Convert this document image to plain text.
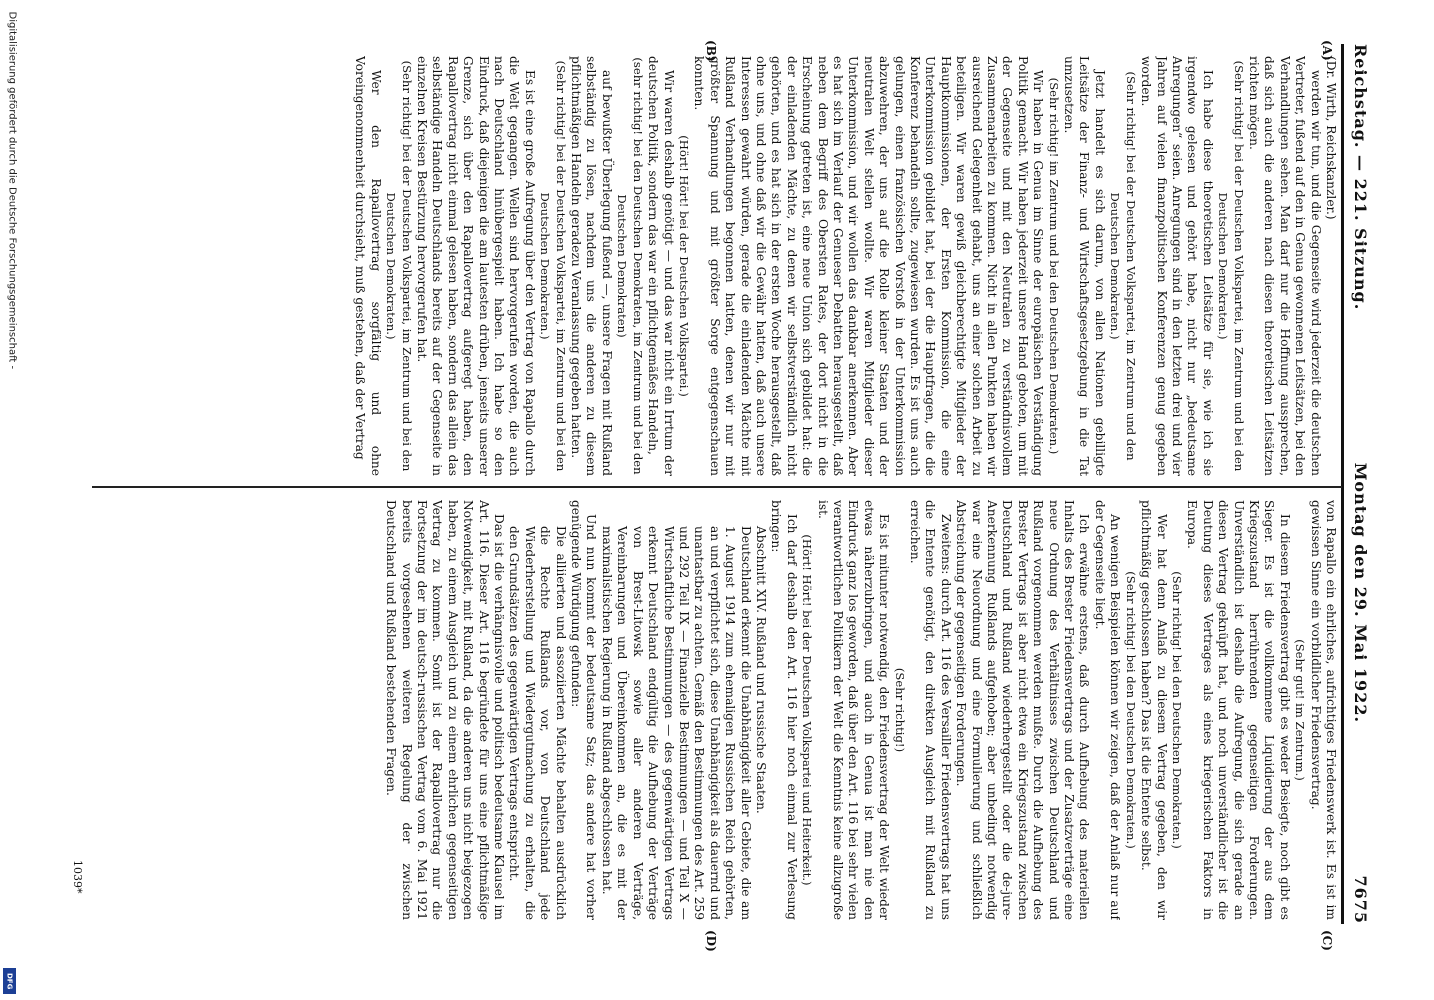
Reichstag. — 221. Sitzung.
Montag den 29. Mai 1922.
7675
(A)
(B)
(C)
(D)

(Dr. Wirth, Reichskanzler.)

werden wir tun, und die Gegenseite wird jederzeit die deutschen Vertreter, fußend auf den in Genua gewonnenen Leitsätzen, bei den Verhandlungen sehen. Man darf nur die Hoffnung aussprechen, daß sich auch die anderen nach diesen theoretischen Leitsätzen richten mögen.

(Sehr richtig! bei der Deutschen Volkspartei, im Zentrum und bei den Deutschen Demokraten.)

Ich habe diese theoretischen Leitsätze für sie, wie ich sie irgendwo gelesen und gehört habe, nicht nur „bedeutsame Anregungen“ seien. Anregungen sind in den letzten drei und vier Jahren auf vielen finanzpolitischen Konferenzen genug gegeben worden.

(Sehr richtig! bei der Deutschen Volkspartei, im Zentrum und den Deutschen Demokraten.)

Jetzt handelt es sich darum, von allen Nationen gebilligte Leitsätze der Finanz- und Wirtschaftsgesetzgebung in die Tat umzusetzen.

(Sehr richtig! im Zentrum und bei den Deutschen Demokraten.)

Wir haben in Genua im Sinne der europäischen Verständigung Politik gemacht. Wir haben jederzeit unsere Hand geboten, um mit der Gegenseite und mit den Neutralen zu verständnisvollem Zusammenarbeiten zu kommen. Nicht in allen Punkten haben wir ausreichend Gelegenheit gehabt, uns an einer solchen Arbeit zu beteiligen. Wir waren gewiß gleichberechtigte Mitglieder der Hauptkommissionen, der Ersten Kommission, die eine Unterkommission gebildet hat, bei der die Hauptfragen, die die Konferenz behandeln sollte, zugewiesen wurden. Es ist uns auch gelungen, einen französischen Vorstoß in der Unterkommission abzuwehren, der uns auf die Rolle kleiner Staaten und der neutralen Welt stellen wollte. Wir waren Mitglieder dieser Unterkommission, und wir wollen das dankbar anerkennen. Aber es hat sich im Verlauf der Genueser Debatten herausgestellt, daß neben dem Begriff des Obersten Rates, der dort nicht in die Erscheinung getreten ist, eine neue Union sich gebildet hat: die der einladenden Mächte, zu denen wir selbstverständlich nicht gehörten, und es hat sich in der ersten Woche herausgestellt, daß ohne uns, und ohne daß wir die Gewähr hatten, daß auch unsere Interessen gewahrt würden, gerade die einladenden Mächte mit Rußland Verhandlungen begonnen hatten, denen wir nur mit größter Spannung und mit größter Sorge entgegenschauen konnten.

(Hört! Hört! bei der Deutschen Volkspartei.)

Wir waren deshalb genötigt — und das war nicht ein Irrtum der deutschen Politik, sondern das war ein pflichtgemäßes Handeln,

(sehr richtig! bei den Deutschen Demokraten, im Zentrum und bei den Deutschen Demokraten)

auf bewußter Überlegung fußend —, unsere Fragen mit Rußland selbständig zu lösen, nachdem uns die anderen zu diesem pflichtmäßigen Handeln geradezu Veranlassung gegeben hatten.

(Sehr richtig! bei der Deutschen Volkspartei, im Zentrum und bei den Deutschen Demokraten.)

Es ist eine große Aufregung über den Vertrag von Rapallo durch die Welt gegangen. Wellen sind hervorgerufen worden, die auch nach Deutschland hinübergespielt haben. Ich habe so den Eindruck, daß diejenigen die am lautesten drüben, jenseits unserer Grenze, sich über den Rapallovertrag aufgeregt haben, den Rapallovertrag nicht einmal gelesen haben, sondern das allein das selbständige Handeln Deutschlands bereits auf der Gegenseite in einzelnen Kreisen Bestürzung hervorgerufen hat.

(Sehr richtig! bei der Deutschen Volkspartei, im Zentrum und bei den Deutschen Demokraten.)

Wer den Rapallovertrag sorgfältig und ohne Voreingenommenheit durchsieht, muß gestehen, daß der Vertrag

von Rapallo ein ehrliches, aufrichtiges Friedenswerk ist. Es ist im gewissen Sinne ein vorbildlicher Friedensvertrag.

(Sehr gut! im Zentrum.)

In diesem Friedensvertrag gibt es weder Besiegte, noch gibt es Sieger. Es ist die vollkommene Liquidierung der aus dem Kriegszustand herrührenden gegenseitigen Forderungen. Unverständlich ist deshalb die Aufregung, die sich gerade an diesen Vertrag geknüpft hat, und noch unverständlicher ist die Deutung dieses Vertrages als eines kriegerischen Faktors in Europa.

(Sehr richtig! bei den Deutschen Demokraten.)

Wer hat denn Anlaß zu diesem Vertrag gegeben, den wir pflichtmäßig geschlossen haben? Das ist die Entente selbst.

(Sehr richtig! bei den Deutschen Demokraten.)

An wenigen Beispielen können wir zeigen, daß der Anlaß nur auf der Gegenseite liegt.

Ich erwähne erstens, daß durch Aufhebung des materiellen Inhalts des Brester Friedensvertrags und der Zusatzverträge eine neue Ordnung des Verhältnisses zwischen Deutschland und Rußland vorgenommen werden mußte. Durch die Aufhebung des Brester Vertrags ist aber nicht etwa ein Kriegszustand zwischen Deutschland und Rußland wiederhergestellt oder die de-jure-Anerkennung Rußlands aufgehoben; aber unbedingt notwendig war eine Neuordnung und eine Formulierung und schließlich Abstreichung der gegenseitigen Forderungen.

Zweitens: durch Art. 116 des Versailler Friedensvertrags hat uns die Entente genötigt, den direkten Ausgleich mit Rußland zu erreichen.

(Sehr richtig!)

Es ist mitunter notwendig, den Friedensvertrag der Welt wieder etwas näherzubringen, und auch in Genua ist man nie den Eindruck ganz los geworden, daß über den Art. 116 bei sehr vielen verantwortlichen Politikern der Welt die Kenntnis keine allzugroße ist.

(Hört! Hört! bei der Deutschen Volkspartei und Heiterkeit.)

Ich darf deshalb den Art. 116 hier noch einmal zur Verlesung bringen:

Abschnitt XIV. Rußland und russische Staaten.

Deutschland erkennt die Unabhängigkeit aller Gebiete, die am 1. August 1914 zum ehemaligen Russischen Reich gehörten, an und verpflichtet sich, diese Unabhängigkeit als dauernd und unantastbar zu achten. Gemäß den Bestimmungen des Art. 259 und 292 Teil IX — Finanzielle Bestimmungen — und Teil X — Wirtschaftliche Bestimmungen — des gegenwärtigen Vertrags erkennt Deutschland endgültig die Aufhebung der Verträge von Brest-Litowsk sowie aller anderen Verträge, Vereinbarungen und Übereinkommen an, die es mit der maximalistischen Regierung in Rußland abgeschlossen hat.

Und nun kommt der bedeutsame Satz; das andere hat vorher genügende Würdigung gefunden:

Die alliierten und assoziierten Mächte behalten ausdrücklich die Rechte Rußlands vor, von Deutschland jede Wiederherstellung und Wiedergutmachung zu erhalten, die den Grundsätzen des gegenwärtigen Vertrags entspricht.

Das ist die verhängnisvolle und politisch bedeutsame Klausel im Art. 116. Dieser Art. 116 begründete für uns eine pflichtmäßige Notwendigkeit, mit Rußland, da die anderen uns nicht beigezogen haben, zu einem Ausgleich und zu einem ehrlichen gegenseitigen Vertrag zu kommen. Somit ist der Rapallovertrag nur die Fortsetzung der im deutsch-russischen Vertrag vom 6. Mai 1921 bereits vorgesehenen weiteren Regelung der zwischen Deutschland und Rußland bestehenden Fragen.

1039*
Digitalisierung gefördert durch die Deutsche Forschungsgemeinschaft -
DFG
